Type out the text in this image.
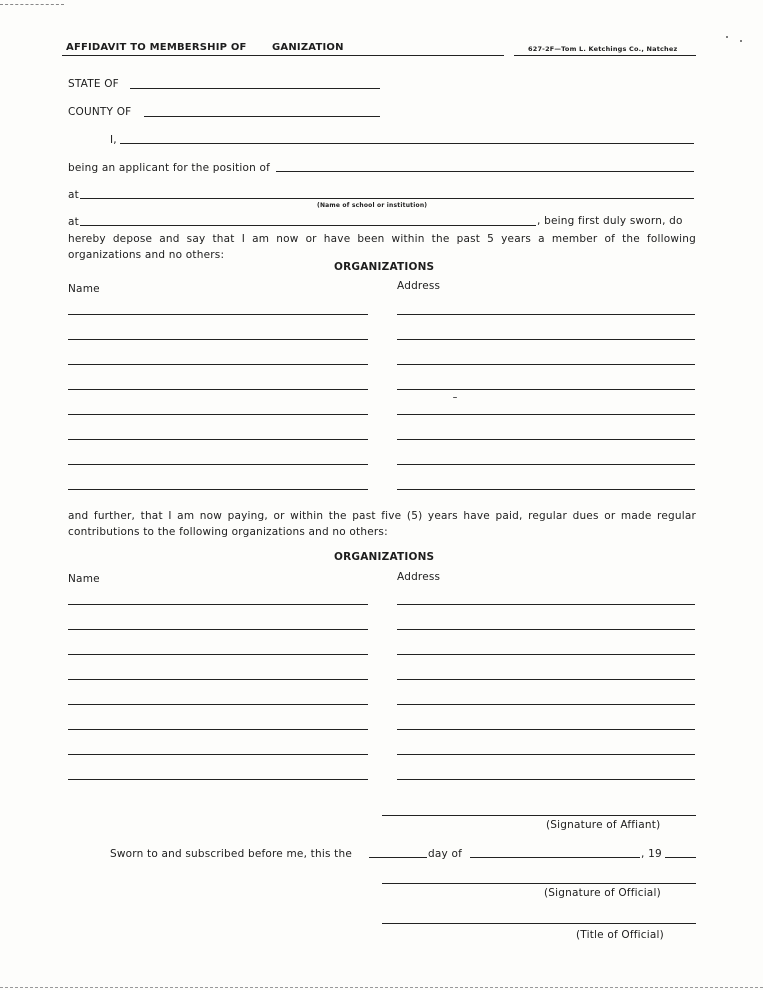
AFFIDAVIT TO MEMBERSHIP OF	GANIZATION	627-2F—Tom L. Ketchings Co., Natchez
STATE OF
COUNTY OF
I,
being an applicant for the position of
at
(Name of school or institution)
at	, being first duly sworn, do
hereby depose and say that I am now or have been within the past 5 years a member of the following organizations and no others:
ORGANIZATIONS
Name	Address
and further, that I am now paying, or within the past five (5) years have paid, regular dues or made regular contributions to the following organizations and no others:
ORGANIZATIONS
Name	Address
(Signature of Affiant)
Sworn to and subscribed before me, this the	day of	, 19
(Signature of Official)
(Title of Official)
